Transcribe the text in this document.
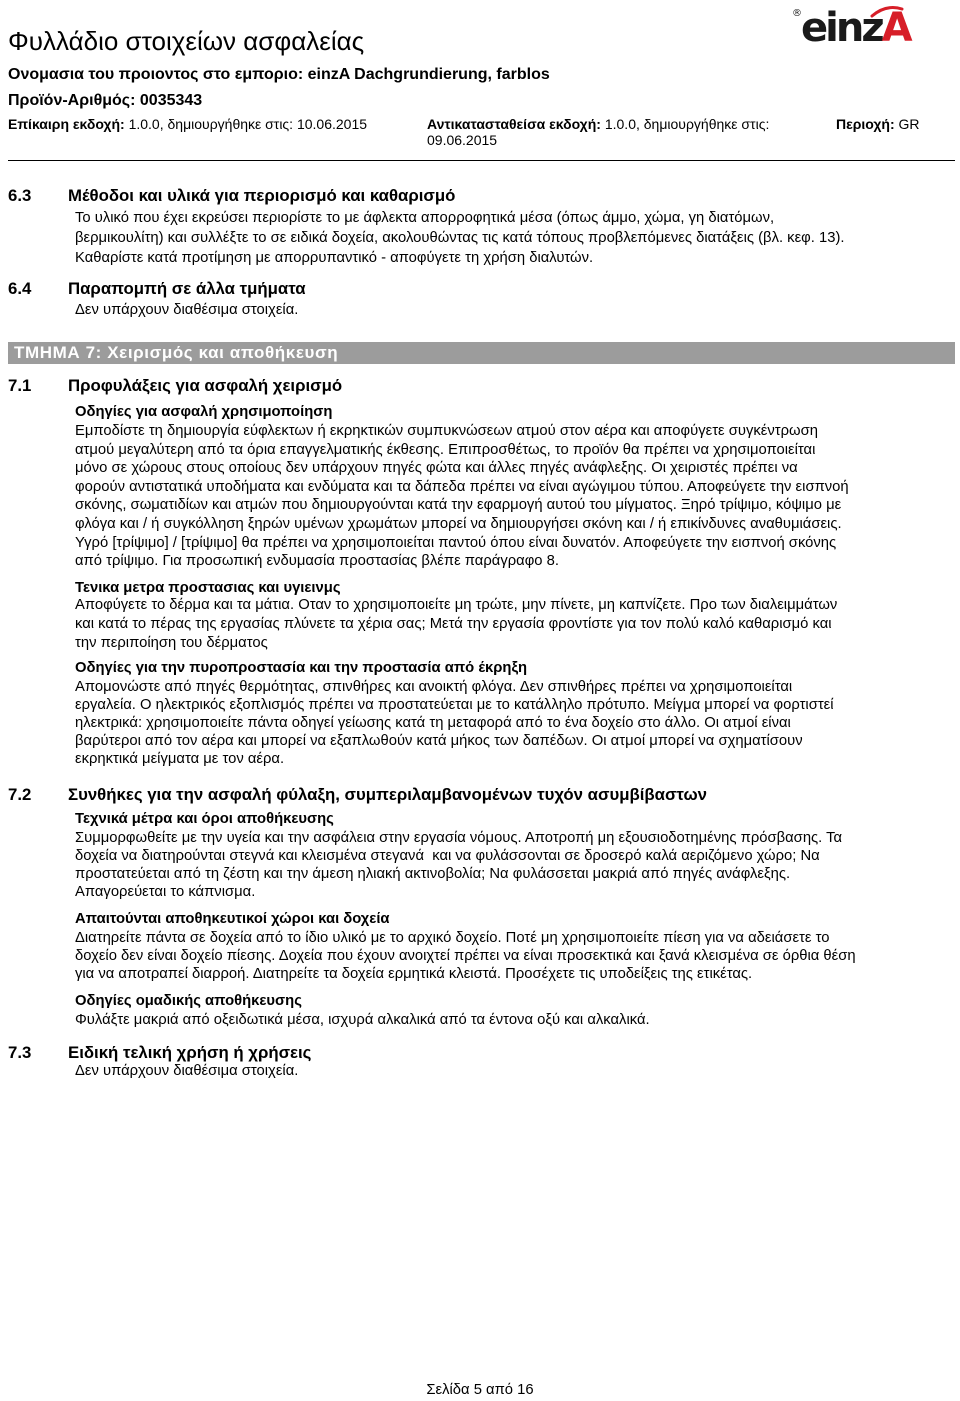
Φυλλάδιο στοιχείων ασφαλείας
® einzA
Ονομασια του προιοντος στο εμποριο: einzA Dachgrundierung, farblos
Προϊόν-Αριθμός: 0035343
Επίκαιρη εκδοχή: 1.0.0, δημιουργήθηκε στις: 10.06.2015	Αντικατασταθείσα εκδοχή: 1.0.0, δημιουργήθηκε στις:
09.06.2015
Περιοχή: GR
6.3 Μέθοδοι και υλικά για περιορισμό και καθαρισμό
Το υλικό που έχει εκρεύσει περιορίστε το με άφλεκτα απορροφητικά μέσα (όπως άμμο, χώμα, γη διατόμων,
βερμικουλίτη) και συλλέξτε το σε ειδικά δοχεία, ακολουθώντας τις κατά τόπους προβλεπόμενες διατάξεις (βλ. κεφ. 13).
Καθαρίστε κατά προτίμηση με απορρυπαντικό - αποφύγετε τη χρήση διαλυτών.
6.4 Παραπομπή σε άλλα τμήματα
Δεν υπάρχουν διαθέσιμα στοιχεία.
ΤΜΗΜΑ 7: Χειρισμός και αποθήκευση
7.1 Προφυλάξεις για ασφαλή χειρισμό
Οδηγίες για ασφαλή χρησιμοποίηση
Εμποδίστε τη δημιουργία εύφλεκτων ή εκρηκτικών συμπυκνώσεων ατμού στον αέρα και αποφύγετε συγκέντρωση
ατμού μεγαλύτερη από τα όρια επαγγελματικής έκθεσης. Επιπροσθέτως, το προϊόν θα πρέπει να χρησιμοποιείται
μόνο σε χώρους στους οποίους δεν υπάρχουν πηγές φώτα και άλλες πηγές ανάφλεξης. Οι χειριστές πρέπει να
φορούν αντιστατικά υποδήματα και ενδύματα και τα δάπεδα πρέπει να είναι αγώγιμου τύπου. Αποφεύγετε την εισπνοή
σκόνης, σωματιδίων και ατμών που δημιουργούνται κατά την εφαρμογή αυτού του μίγματος. Ξηρό τρίψιμο, κόψιμο με
φλόγα και / ή συγκόλληση ξηρών υμένων χρωμάτων μπορεί να δημιουργήσει σκόνη και / ή επικίνδυνες αναθυμιάσεις.
Υγρό [τρίψιμο] / [τρίψιμο] θα πρέπει να χρησιμοποιείται παντού όπου είναι δυνατόν. Αποφεύγετε την εισπνοή σκόνης
από τρίψιμο. Για προσωπική ενδυμασία προστασίας βλέπε παράγραφο 8.
Τενικα μετρα προστασιας και υγιεινμς
Αποφύγετε το δέρμα και τα μάτια. Οταν το χρησιμοποιείτε μη τρώτε, μην πίνετε, μη καπνίζετε. Προ των διαλειμμάτων
και κατά το πέρας της εργασίας πλύνετε τα χέρια σας; Μετά την εργασία φροντίστε για τον πολύ καλό καθαρισμό και
την περιποίηση του δέρματος
Οδηγίες για την πυροπροστασία και την προστασία από έκρηξη
Απομονώστε από πηγές θερμότητας, σπινθήρες και ανοικτή φλόγα. Δεν σπινθήρες πρέπει να χρησιμοποιείται
εργαλεία. Ο ηλεκτρικός εξοπλισμός πρέπει να προστατεύεται με το κατάλληλο πρότυπο. Μείγμα μπορεί να φορτιστεί
ηλεκτρικά: χρησιμοποιείτε πάντα οδηγεί γείωσης κατά τη μεταφορά από το ένα δοχείο στο άλλο. Οι ατμοί είναι
βαρύτεροι από τον αέρα και μπορεί να εξαπλωθούν κατά μήκος των δαπέδων. Οι ατμοί μπορεί να σχηματίσουν
εκρηκτικά μείγματα με τον αέρα.
7.2 Συνθήκες για την ασφαλή φύλαξη, συμπεριλαμβανομένων τυχόν ασυμβίβαστων
Τεχνικά μέτρα και όροι αποθήκευσης
Συμμορφωθείτε με την υγεία και την ασφάλεια στην εργασία νόμους. Αποτροπή μη εξουσιοδοτημένης πρόσβασης. Τα
δοχεία να διατηρούνται στεγνά και κλεισμένα στεγανά  και να φυλάσσονται σε δροσερό καλά αεριζόμενο χώρο; Να
προστατεύεται από τη ζέστη και την άμεση ηλιακή ακτινοβολία; Να φυλάσσεται μακριά από πηγές ανάφλεξης.
Απαγορεύεται το κάπνισμα.
Απαιτούνται αποθηκευτικοί χώροι και δοχεία
Διατηρείτε πάντα σε δοχεία από το ίδιο υλικό με το αρχικό δοχείο. Ποτέ μη χρησιμοποιείτε πίεση για να αδειάσετε το
δοχείο δεν είναι δοχείο πίεσης. Δοχεία που έχουν ανοιχτεί πρέπει να είναι προσεκτικά και ξανά κλεισμένα σε όρθια θέση
για να αποτραπεί διαρροή. Διατηρείτε τα δοχεία ερμητικά κλειστά. Προσέχετε τις υποδείξεις της ετικέτας.
Οδηγίες ομαδικής αποθήκευσης
Φυλάξτε μακριά από οξειδωτικά μέσα, ισχυρά αλκαλικά από τα έντονα οξύ και αλκαλικά.
7.3 Ειδική τελική χρήση ή χρήσεις
Δεν υπάρχουν διαθέσιμα στοιχεία.
Σελίδα 5 από 16
